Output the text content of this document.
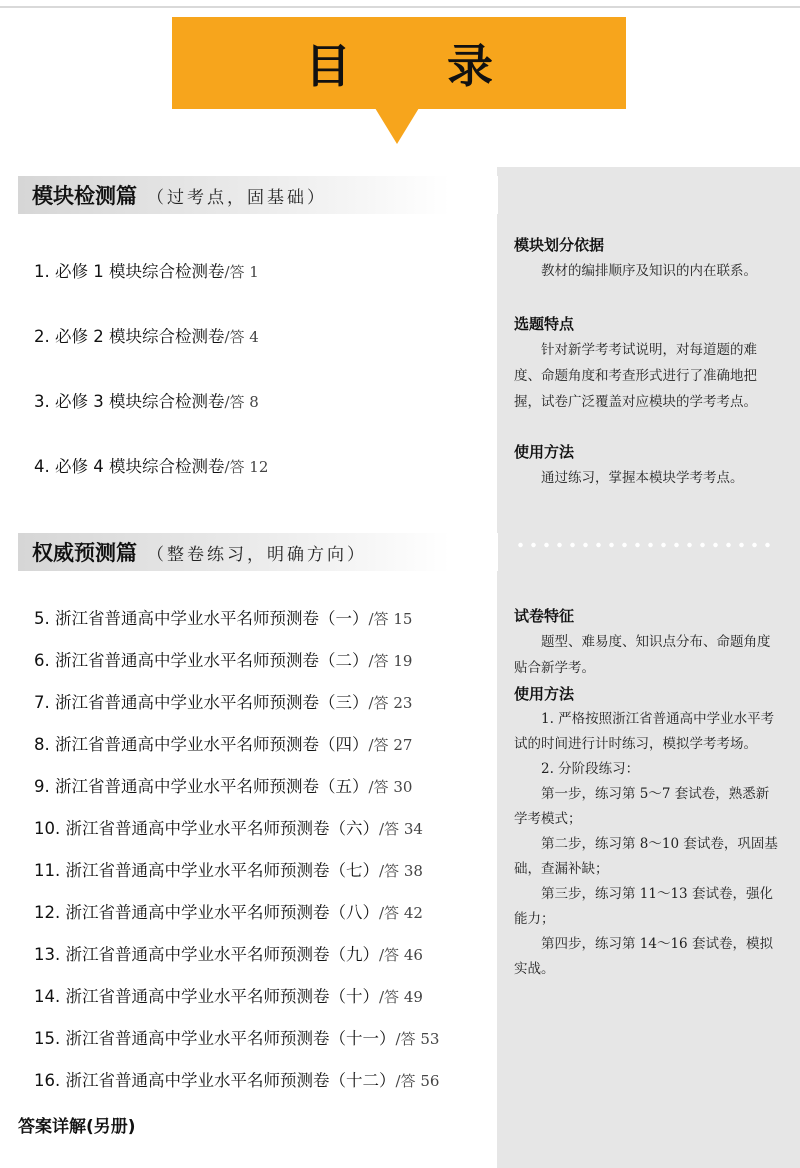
目 录
模块检测篇 （过考点，固基础）
1. 必修 1 模块综合检测卷/答 1
2. 必修 2 模块综合检测卷/答 4
3. 必修 3 模块综合检测卷/答 8
4. 必修 4 模块综合检测卷/答 12
权威预测篇 （整卷练习，明确方向）
5. 浙江省普通高中学业水平名师预测卷（一）/答 15
6. 浙江省普通高中学业水平名师预测卷（二）/答 19
7. 浙江省普通高中学业水平名师预测卷（三）/答 23
8. 浙江省普通高中学业水平名师预测卷（四）/答 27
9. 浙江省普通高中学业水平名师预测卷（五）/答 30
10. 浙江省普通高中学业水平名师预测卷（六）/答 34
11. 浙江省普通高中学业水平名师预测卷（七）/答 38
12. 浙江省普通高中学业水平名师预测卷（八）/答 42
13. 浙江省普通高中学业水平名师预测卷（九）/答 46
14. 浙江省普通高中学业水平名师预测卷（十）/答 49
15. 浙江省普通高中学业水平名师预测卷（十一）/答 53
16. 浙江省普通高中学业水平名师预测卷（十二）/答 56
答案详解(另册)
模块划分依据

教材的编排顺序及知识的内在联系。

选题特点

针对新学考考试说明，对每道题的难度、命题角度和考查形式进行了准确地把握，试卷广泛覆盖对应模块的学考考点。

使用方法

通过练习，掌握本模块学考考点。

试卷特征

题型、难易度、知识点分布、命题角度贴合新学考。

使用方法

1. 严格按照浙江省普通高中学业水平考试的时间进行计时练习，模拟学考考场。

2. 分阶段练习：

第一步，练习第 5～7 套试卷，熟悉新学考模式；

第二步，练习第 8～10 套试卷，巩固基础，查漏补缺；

第三步，练习第 11～13 套试卷，强化能力；

第四步，练习第 14～16 套试卷，模拟实战。
